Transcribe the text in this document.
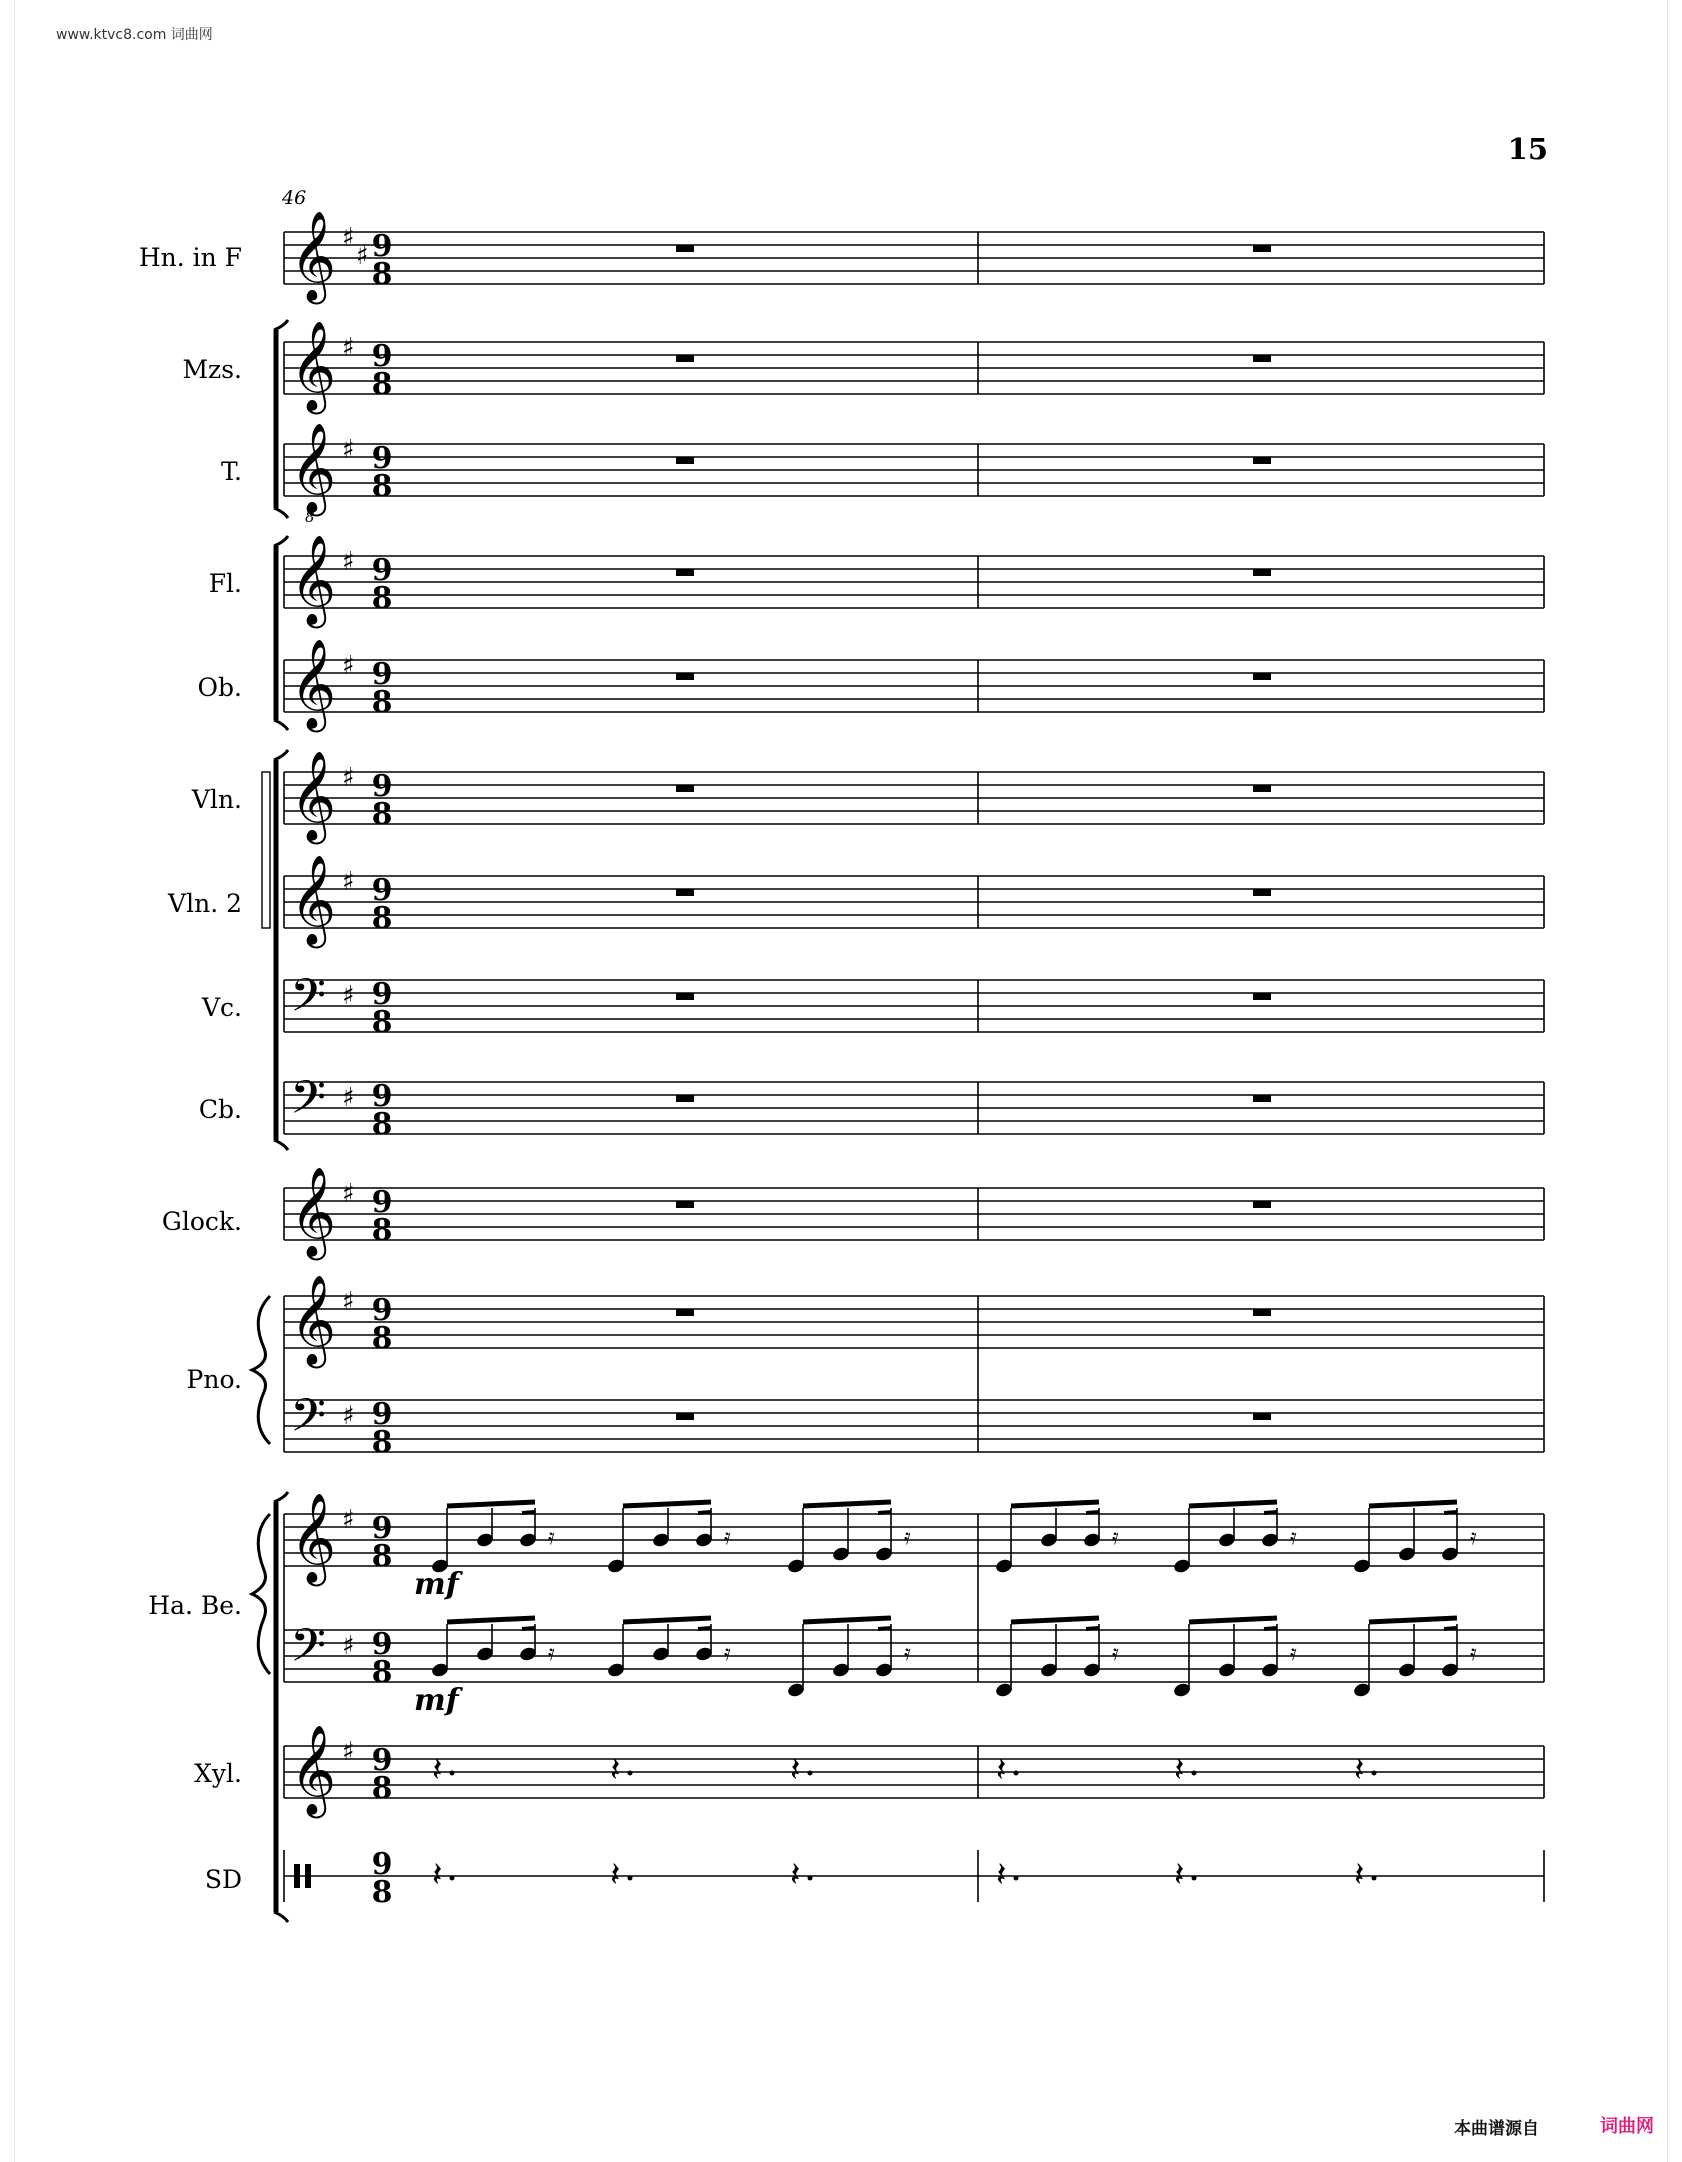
www.ktvc8.com 词曲网
15
46
𝄞 ♯
♯ 9
8
Hn. in F
𝄞 ♯ 9
8
Mzs.
𝄞
8
♯ 9
8
T.
𝄞 ♯ 9
8
Fl.
𝄞 ♯ 9
8
Ob.
𝄞 ♯ 9
8
Vln.
𝄞 ♯ 9
8
Vln. 2
𝄢 ♯ 9
8
Vc.
𝄢 ♯ 9
8
Cb.
𝄞 ♯ 9
8
Glock.
𝄞 ♯ 9
8
Xyl.	𝄽	𝄽	𝄽	𝄽	𝄽	𝄽
𝄞
𝄢
♯
♯
9
8
9
8
Pno.
𝄞
𝄢
♯
♯
9
8
9
8
𝄿	𝄿	𝄿	𝄿	𝄿	𝄿
mf
𝄿	𝄿	𝄿	𝄿	𝄿	𝄿
mf
Ha. Be.
9
8 𝄽	𝄽	𝄽	𝄽	𝄽	𝄽
SD
本曲谱源自	词曲网
